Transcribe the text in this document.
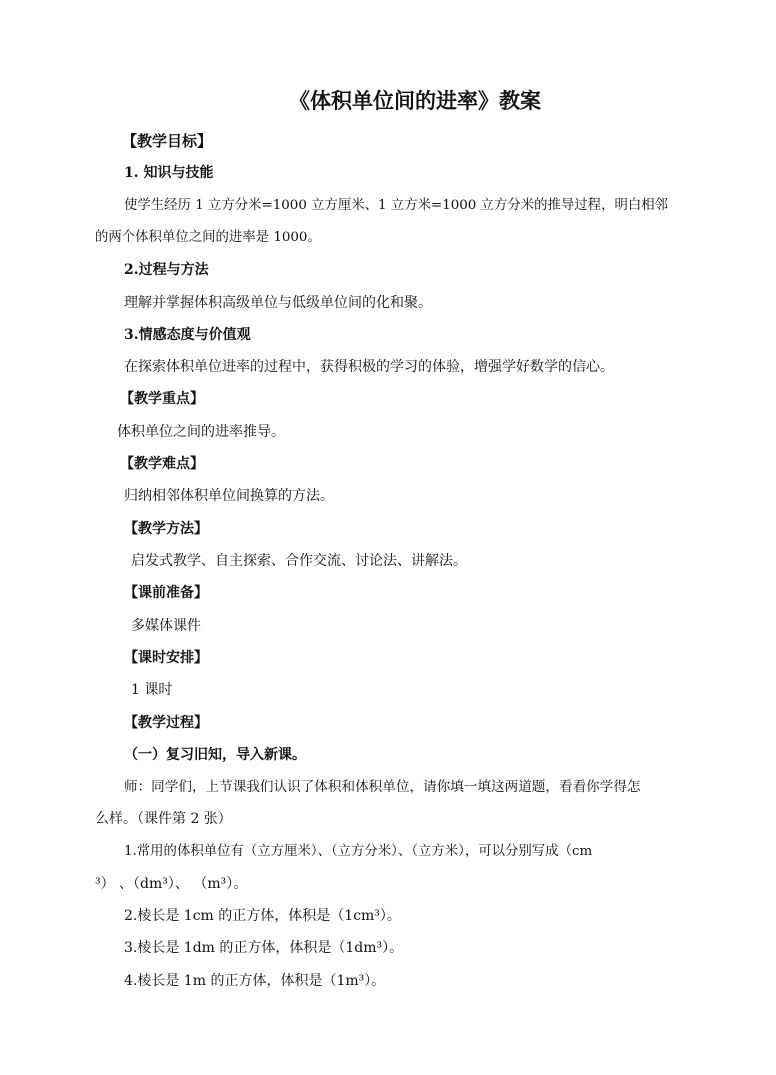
《体积单位间的进率》教案
【教学目标】
1. 知识与技能
使学生经历 1 立方分米=1000 立方厘米、1 立方米=1000 立方分米的推导过程，明白相邻
的两个体积单位之间的进率是 1000。
2.过程与方法
理解并掌握体积高级单位与低级单位间的化和聚。
3.情感态度与价值观
在探索体积单位进率的过程中，获得积极的学习的体验，增强学好数学的信心。
【教学重点】
体积单位之间的进率推导。
【教学难点】
归纳相邻体积单位间换算的方法。
【教学方法】
启发式教学、自主探索、合作交流、讨论法、讲解法。
【课前准备】
多媒体课件
【课时安排】
1 课时
【教学过程】
（一）复习旧知，导入新课。
师：同学们，上节课我们认识了体积和体积单位，请你填一填这两道题，看看你学得怎
么样。（课件第 2 张）
1.常用的体积单位有（立方厘米）、（立方分米）、（立方米），可以分别写成（cm
³） 、（dm³）、 （m³）。
2.棱长是 1cm 的正方体，体积是（1cm³）。
3.棱长是 1dm 的正方体，体积是（1dm³）。
4.棱长是 1m 的正方体，体积是（1m³）。
